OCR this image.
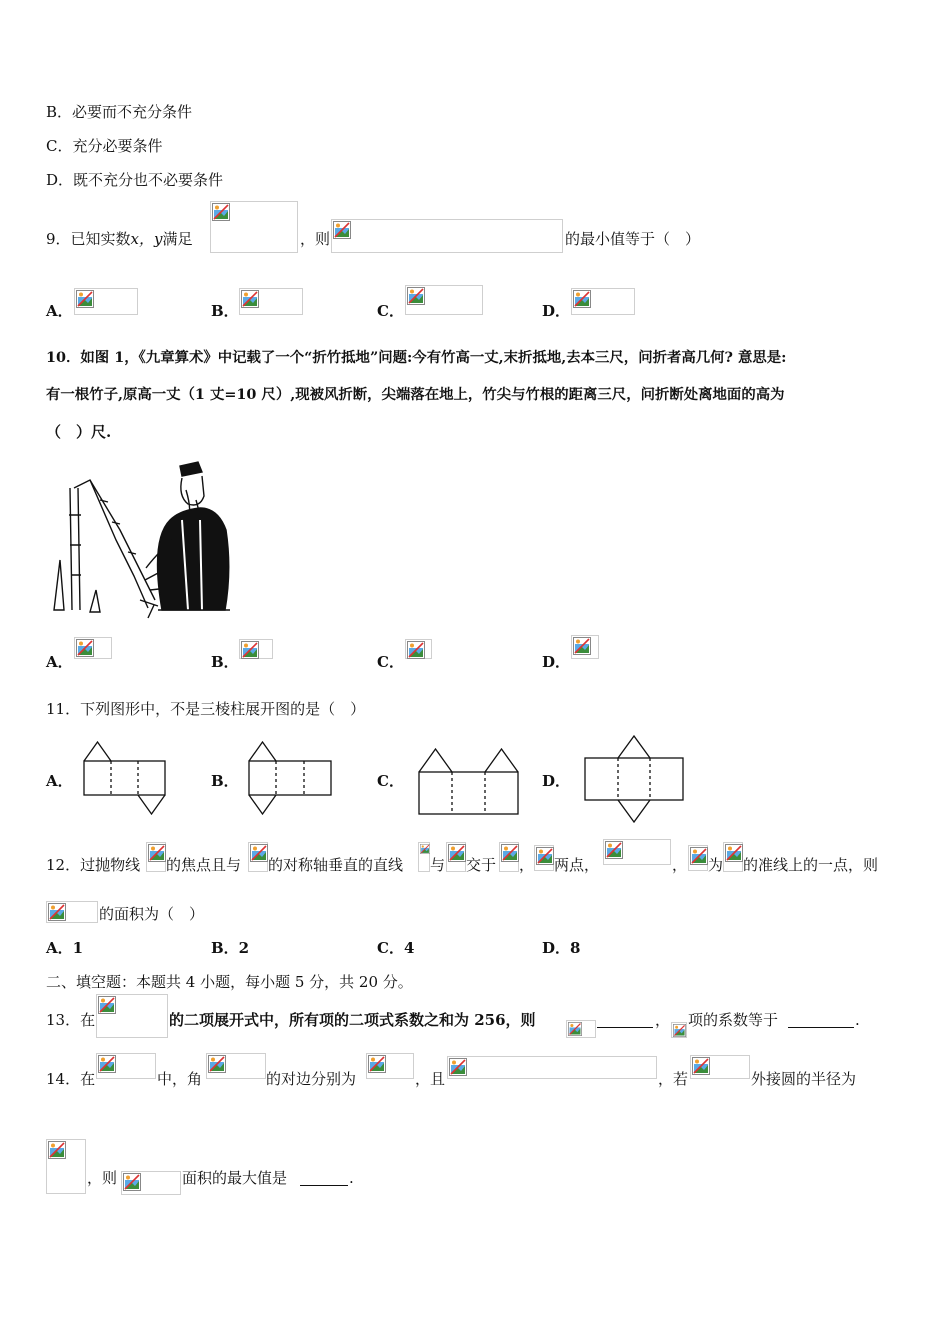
B．必要而不充分条件
C．充分必要条件
D．既不充分也不必要条件
9．已知实数x，y满足	，则	的最小值等于（　）
A．	B．	C．	D．
10．如图 1，《九章算术》中记载了一个“折竹抵地”问题:今有竹高一丈,末折抵地,去本三尺，问折者高几何? 意思是:
有一根竹子,原高一丈（1 丈=10 尺）,现被风折断，尖端落在地上，竹尖与竹根的距离三尺，问折断处离地面的高为
（　）尺.
A．	B．	C．	D．
11．下列图形中，不是三棱柱展开图的是（　）
A．	B．	C．	D．
12．过抛物线 的焦点且与 的对称轴垂直的直线 与 交于 ， 两点，	， 为 的准线上的一点，则
的面积为（　）
A．1	B．2	C．4	D．8
二、填空题：本题共 4 小题，每小题 5 分，共 20 分。
13．在	的二项展开式中，所有项的二项式系数之和为 256，则	， 项的系数等于	.
14．在	中，角	的对边分别为	，且	，若	外接圆的半径为
，则	面积的最大值是	.
